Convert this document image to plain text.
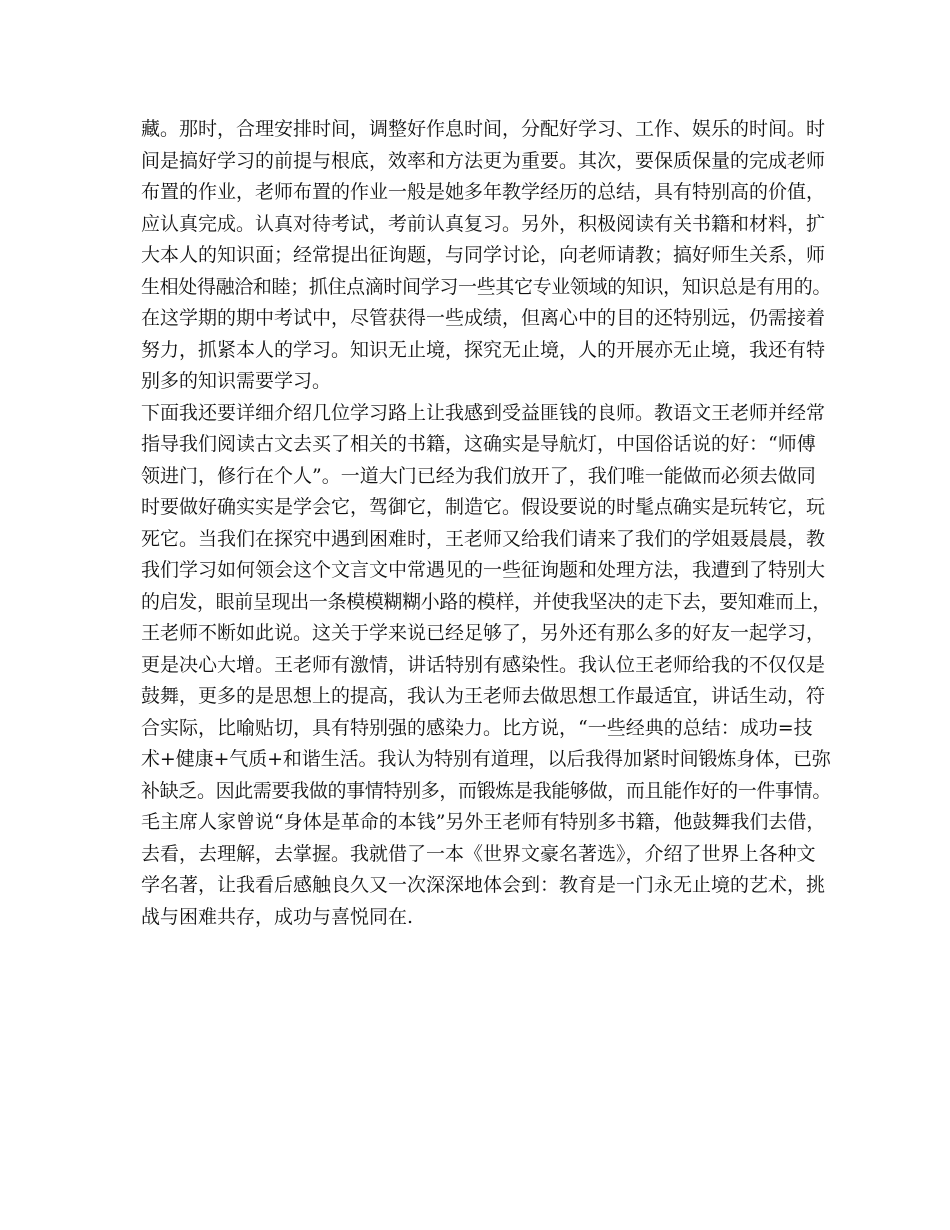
藏。那时，合理安排时间，调整好作息时间，分配好学习、工作、娱乐的时间。时
间是搞好学习的前提与根底，效率和方法更为重要。其次，要保质保量的完成老师
布置的作业，老师布置的作业一般是她多年教学经历的总结，具有特别高的价值，
应认真完成。认真对待考试，考前认真复习。另外，积极阅读有关书籍和材料，扩
大本人的知识面；经常提出征询题，与同学讨论，向老师请教；搞好师生关系，师
生相处得融洽和睦；抓住点滴时间学习一些其它专业领域的知识，知识总是有用的。
在这学期的期中考试中，尽管获得一些成绩，但离心中的目的还特别远，仍需接着
努力，抓紧本人的学习。知识无止境，探究无止境，人的开展亦无止境，我还有特
别多的知识需要学习。
下面我还要详细介绍几位学习路上让我感到受益匪钱的良师。教语文王老师并经常
指导我们阅读古文去买了相关的书籍，这确实是导航灯，中国俗话说的好：“师傅
领进门，修行在个人”。一道大门已经为我们放开了，我们唯一能做而必须去做同
时要做好确实实是学会它，驾御它，制造它。假设要说的时髦点确实是玩转它，玩
死它。当我们在探究中遇到困难时，王老师又给我们请来了我们的学姐聂晨晨，教
我们学习如何领会这个文言文中常遇见的一些征询题和处理方法，我遭到了特别大
的启发，眼前呈现出一条模模糊糊小路的模样，并使我坚决的走下去，要知难而上，
王老师不断如此说。这关于学来说已经足够了，另外还有那么多的好友一起学习，
更是决心大增。王老师有激情，讲话特别有感染性。我认位王老师给我的不仅仅是
鼓舞，更多的是思想上的提高，我认为王老师去做思想工作最适宜，讲话生动，符
合实际，比喻贴切，具有特别强的感染力。比方说，“一些经典的总结：成功=技
术+健康+气质+和谐生活。我认为特别有道理，以后我得加紧时间锻炼身体，已弥
补缺乏。因此需要我做的事情特别多，而锻炼是我能够做，而且能作好的一件事情。
毛主席人家曾说“身体是革命的本钱”另外王老师有特别多书籍，他鼓舞我们去借，
去看，去理解，去掌握。我就借了一本《世界文豪名著选》，介绍了世界上各种文
学名著，让我看后感触良久又一次深深地体会到：教育是一门永无止境的艺术，挑
战与困难共存，成功与喜悦同在.
